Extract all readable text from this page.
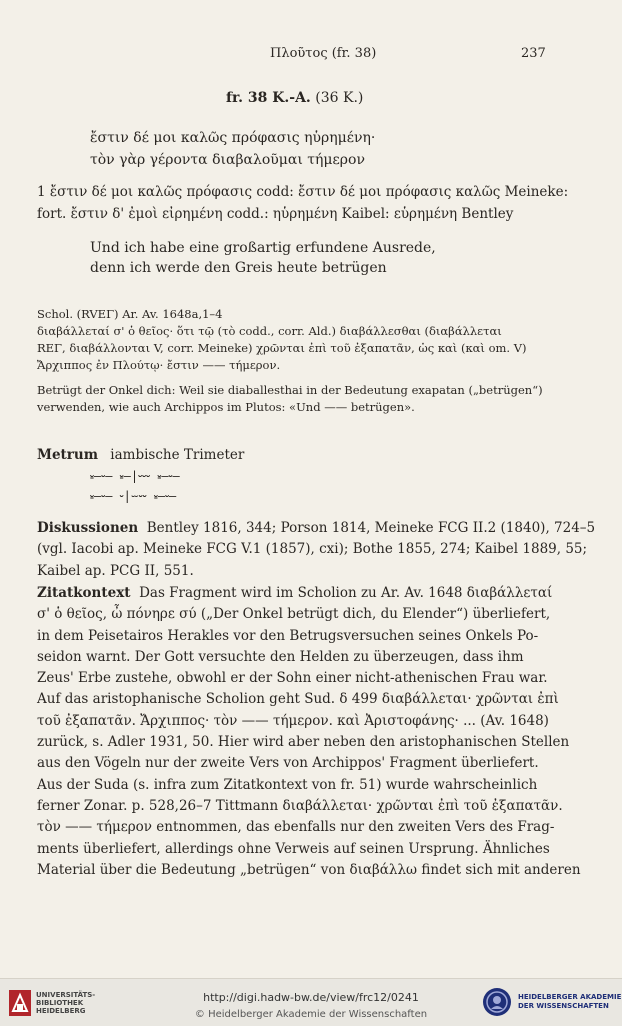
Πλοῦτος (fr. 38)	237
fr. 38 K.-A. (36 K.)
ἔστιν δέ μοι καλῶς πρόφασις ηὑρημένη·
τὸν γὰρ γέροντα διαβαλοῦμαι τήμερον
1 ἔστιν δέ μοι καλῶς πρόφασις codd: ἔστιν δέ μοι πρόφασις καλῶς Meineke:
fort. ἔστιν δ' ἐμοὶ εἰρημένη codd.: ηὑρημένη Kaibel: εὑρημένη Bentley
Und ich habe eine großartig erfundene Ausrede,
denn ich werde den Greis heute betrügen
Schol. (RVEΓ) Ar. Av. 1648a,1–4
διαβάλλεταί σ' ὁ θεῖος· ὅτι τῷ (τὸ codd., corr. Ald.) διαβάλλεσθαι (διαβάλλεται
REΓ, διαβάλλονται V, corr. Meineke) χρῶνται ἐπὶ τοῦ ἐξαπατᾶν, ὡς καὶ (καὶ om. V)
Ἄρχιππος ἐν Πλούτῳ· ἔστιν —— τήμερον.
Betrügt der Onkel dich: Weil sie diaballesthai in der Bedeutung exapatan („betrügen“)
verwenden, wie auch Archippos im Plutos: «Und —— betrügen».
Metrum iambische Trimeter
⏓–⏑– ⏓–|⏑⏑⏑ ⏓–⏑–
⏓–⏑– ⏑|⏖⏑⏑ ⏓–⏑–
Diskussionen Bentley 1816, 344; Porson 1814, Meineke FCG II.2 (1840), 724–5
(vgl. Iacobi ap. Meineke FCG V.1 (1857), cxi); Bothe 1855, 274; Kaibel 1889, 55;
Kaibel ap. PCG II, 551.
Zitatkontext Das Fragment wird im Scholion zu Ar. Av. 1648 διαβάλλεταί
σ' ὁ θεῖος, ὦ πόνηρε σύ („Der Onkel betrügt dich, du Elender“) überliefert,
in dem Peisetairos Herakles vor den Betrugsversuchen seines Onkels Po-
seidon warnt. Der Gott versuchte den Helden zu überzeugen, dass ihm
Zeus' Erbe zustehe, obwohl er der Sohn einer nicht-athenischen Frau war.
Auf das aristophanische Scholion geht Sud. δ 499 διαβάλλεται· χρῶνται ἐπὶ
τοῦ ἐξαπατᾶν. Ἄρχιππος· τὸν —— τήμερον. καὶ Ἀριστοφάνης· ... (Av. 1648)
zurück, s. Adler 1931, 50. Hier wird aber neben den aristophanischen Stellen
aus den Vögeln nur der zweite Vers von Archippos' Fragment überliefert.
Aus der Suda (s. infra zum Zitatkontext von fr. 51) wurde wahrscheinlich
ferner Zonar. p. 528,26–7 Tittmann διαβάλλεται· χρῶνται ἐπὶ τοῦ ἐξαπατᾶν.
τὸν —— τήμερον entnommen, das ebenfalls nur den zweiten Vers des Frag-
ments überliefert, allerdings ohne Verweis auf seinen Ursprung. Ähnliches
Material über die Bedeutung „betrügen“ von διαβάλλω findet sich mit anderen
UNIVERSITÄTS-
BIBLIOTHEK
HEIDELBERG
http://digi.hadw-bw.de/view/frc12/0241
© Heidelberger Akademie der Wissenschaften
HEIDELBERGER AKADEMIE
DER WISSENSCHAFTEN
